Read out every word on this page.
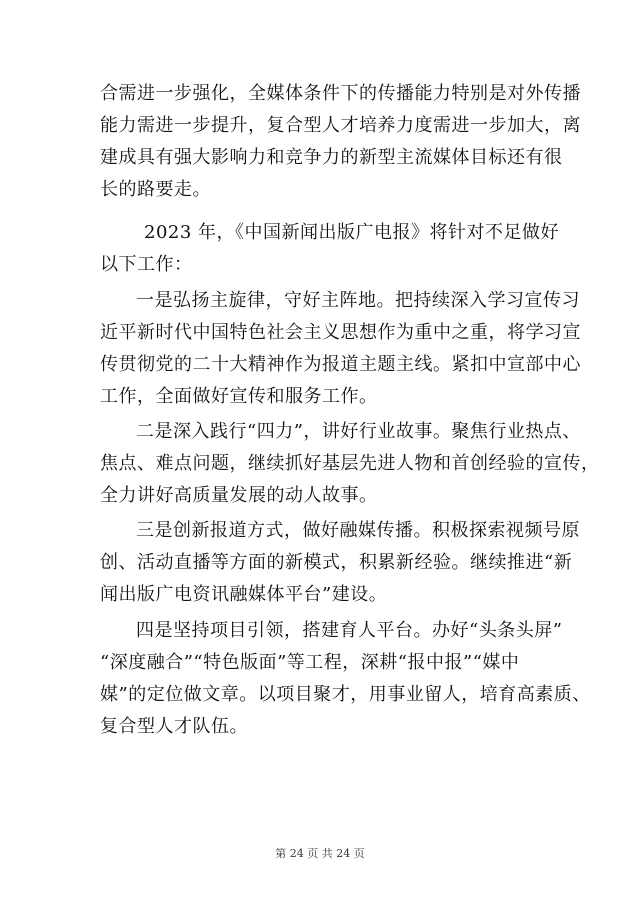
合需进一步强化，全媒体条件下的传播能力特别是对外传播
能力需进一步提升，复合型人才培养力度需进一步加大，离
建成具有强大影响力和竞争力的新型主流媒体目标还有很
长的路要走。
2023 年，《中国新闻出版广电报》将针对不足做好
以下工作：
一是弘扬主旋律，守好主阵地。把持续深入学习宣传习
近平新时代中国特色社会主义思想作为重中之重，将学习宣
传贯彻党的二十大精神作为报道主题主线。紧扣中宣部中心
工作，全面做好宣传和服务工作。
二是深入践行“四力”，讲好行业故事。聚焦行业热点、
焦点、难点问题，继续抓好基层先进人物和首创经验的宣传，
全力讲好高质量发展的动人故事。
三是创新报道方式，做好融媒传播。积极探索视频号原
创、活动直播等方面的新模式，积累新经验。继续推进“新
闻出版广电资讯融媒体平台”建设。
四是坚持项目引领，搭建育人平台。办好“头条头屏”
“深度融合”“特色版面”等工程，深耕“报中报”“媒中
媒”的定位做文章。以项目聚才，用事业留人，培育高素质、
复合型人才队伍。
第 24 页 共 24 页
